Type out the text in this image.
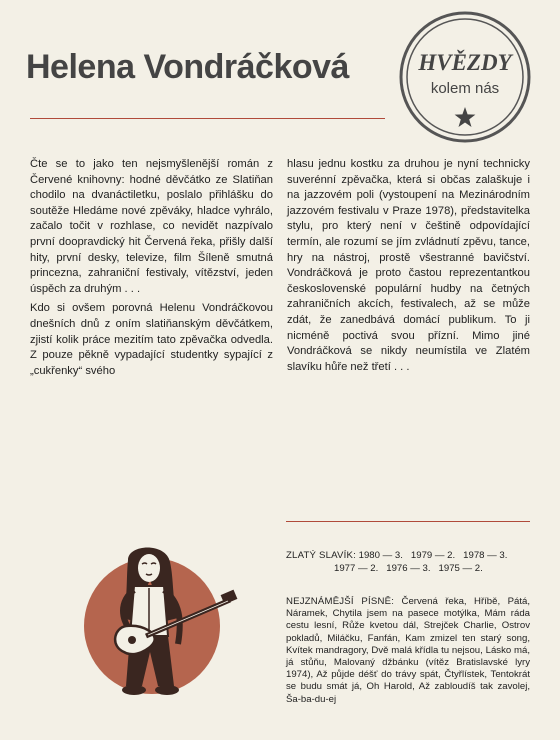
Helena Vondráčková	HVĚZDY
kolem nás

Čte se to jako ten nejsmyšlenější román z Červené knihovny: hodné děvčátko ze Slatiňan chodilo na dvanáctiletku, poslalo přihlášku do soutěže Hledáme nové zpěváky, hladce vyhrálo, začalo točit v rozhlase, co nevidět nazpívalo první doopravdický hit Červená řeka, přišly další hity, první desky, televize, film Šíleně smutná princezna, zahraniční festivaly, vítězství, jeden úspěch za druhým . . .

Kdo si ovšem porovná Helenu Vondráčkovou dnešních dnů z oním slatiňanským děvčátkem, zjistí kolik práce mezitím tato zpěvačka odvedla. Z pouze pěkně vypadající studentky sypající z „cukřenky“ svého

hlasu jednu kostku za druhou je nyní technicky suverénní zpěvačka, která si občas zalaškuje i na jazzovém poli (vystoupení na Mezinárodním jazzovém festivalu v Praze 1978), představitelka stylu, pro který není v češtině odpovídající termín, ale rozumí se jím zvládnutí zpěvu, tance, hry na nástroj, prostě všestranné bavičství. Vondráčková je proto častou reprezentantkou československé populární hudby na četných zahraničních akcích, festivalech, až se může zdát, že zanedbává domácí publikum. To ji nicméně poctivá svou přízní. Mimo jiné Vondráčková se nikdy neumístila ve Zlatém slavíku hůře než třetí . . .

ZLATÝ SLAVÍK: 1980 — 3.   1979 — 2.   1978 — 3.
1977 — 2.   1976 — 3.   1975 — 2.
NEJZNÁMĚJŠÍ PÍSNĚ: Červená řeka, Hříbě, Pátá, Náramek, Chytila jsem na pasece motýlka, Mám ráda cestu lesní, Růže kvetou dál, Strejček Charlie, Ostrov pokladů, Miláčku, Fanfán, Kam zmizel ten starý song, Kvítek mandragory, Dvě malá křídla tu nejsou, Lásko má, já stůňu, Malovaný džbánku (vítěz Bratislavské lyry 1974), Až půjde déšť do trávy spát, Čtyřlístek, Tentokrát se budu smát já, Oh Harold, Až zabloudíš tak zavolej, Ša-ba-du-ej
